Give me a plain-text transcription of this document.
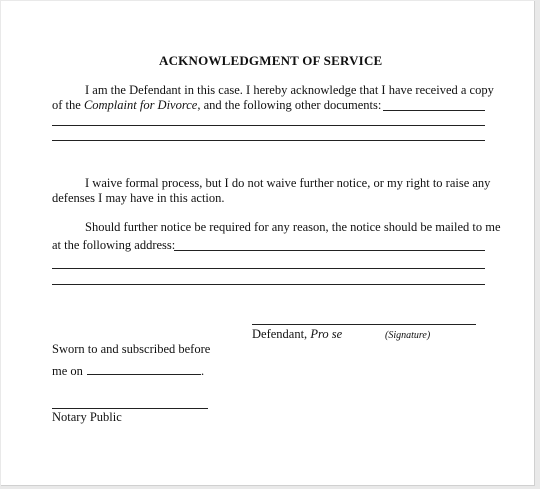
ACKNOWLEDGMENT OF SERVICE
I am the Defendant in this case. I hereby acknowledge that I have received a copy
of the Complaint for Divorce, and the following other documents:
I waive formal process, but I do not waive further notice, or my right to raise any
defenses I may have in this action.
Should further notice be required for any reason, the notice should be mailed to me
at the following address:
Defendant, Pro se	(Signature)
Sworn to and subscribed before
me on	.
Notary Public
